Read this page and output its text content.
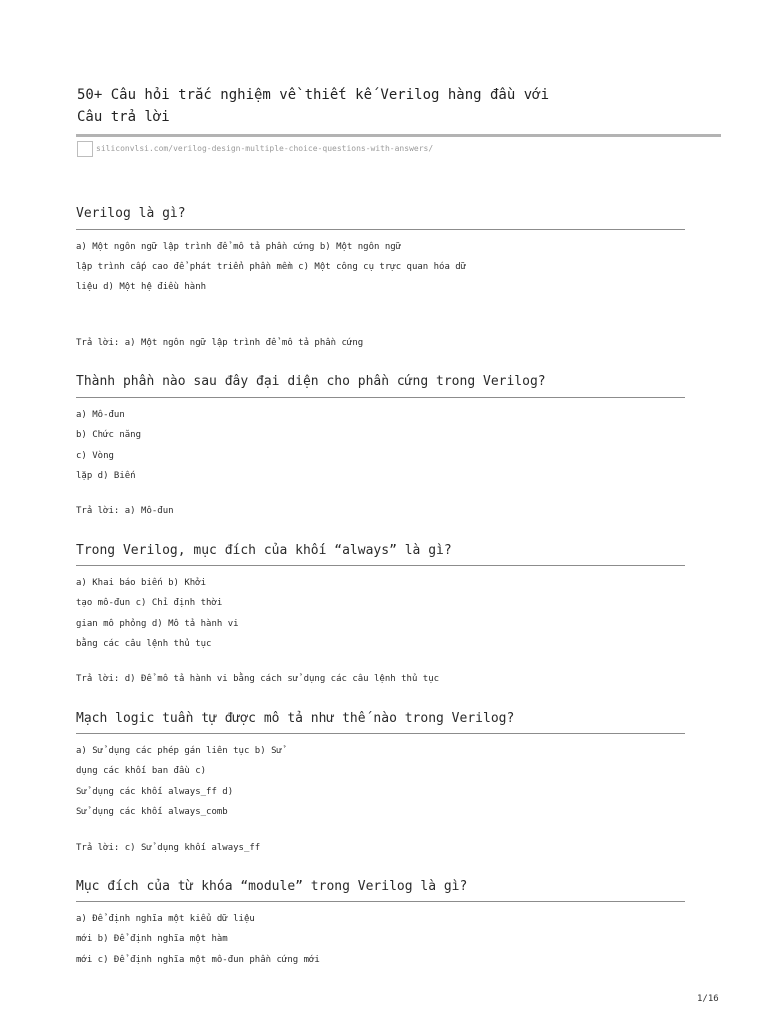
50+ Câu hỏi trắc nghiệm về thiết kế Verilog hàng đầu với
Câu trả lời
siliconvlsi.com/verilog-design-multiple-choice-questions-with-answers/
Verilog là gì?
a) Một ngôn ngữ lập trình để mô tả phần cứng b) Một ngôn ngữ
lập trình cấp cao để phát triển phần mềm c) Một công cụ trực quan hóa dữ
liệu d) Một hệ điều hành
Trả lời: a) Một ngôn ngữ lập trình để mô tả phần cứng
Thành phần nào sau đây đại diện cho phần cứng trong Verilog?
a) Mô-đun
b) Chức năng
c) Vòng
lặp d) Biến
Trả lời: a) Mô-đun
Trong Verilog, mục đích của khối “always” là gì?
a) Khai báo biến b) Khởi
tạo mô-đun c) Chỉ định thời
gian mô phỏng d) Mô tả hành vi
bằng các câu lệnh thủ tục
Trả lời: d) Để mô tả hành vi bằng cách sử dụng các câu lệnh thủ tục
Mạch logic tuần tự được mô tả như thế nào trong Verilog?
a) Sử dụng các phép gán liên tục b) Sử
dụng các khối ban đầu c)
Sử dụng các khối always_ff d)
Sử dụng các khối always_comb
Trả lời: c) Sử dụng khối always_ff
Mục đích của từ khóa “module” trong Verilog là gì?
a) Để định nghĩa một kiểu dữ liệu
mới b) Để định nghĩa một hàm
mới c) Để định nghĩa một mô-đun phần cứng mới
1/16
